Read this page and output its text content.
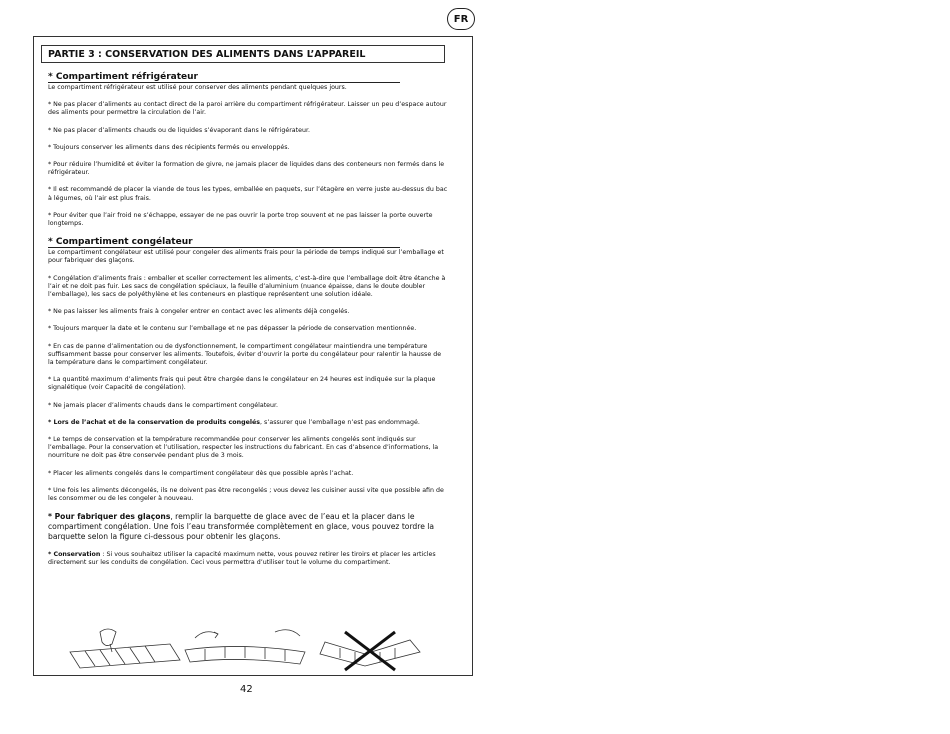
FR
PARTIE 3 : CONSERVATION DES ALIMENTS DANS L’APPAREIL
* Compartiment réfrigérateur

Le compartiment réfrigérateur est utilisé pour conserver des aliments pendant quelques jours.

* Ne pas placer d’aliments au contact direct de la paroi arrière du compartiment réfrigérateur. Laisser un peu d’espace autour des aliments pour permettre la circulation de l’air.

* Ne pas placer d’aliments chauds ou de liquides s’évaporant dans le réfrigérateur.

* Toujours conserver les aliments dans des récipients fermés ou enveloppés.

* Pour réduire l’humidité et éviter la formation de givre, ne jamais placer de liquides dans des conteneurs non fermés dans le réfrigérateur.

* Il est recommandé de placer la viande de tous les types, emballée en paquets, sur l’étagère en verre juste au-dessus du bac à légumes, où l’air est plus frais.

* Pour éviter que l’air froid ne s’échappe, essayer de ne pas ouvrir la porte trop souvent et ne pas laisser la porte ouverte longtemps.

* Compartiment congélateur

Le compartiment congélateur est utilisé pour congeler des aliments frais pour la période de temps indiqué sur l’emballage et pour fabriquer des glaçons.

* Congélation d’aliments frais : emballer et sceller correctement les aliments, c’est-à-dire que l’emballage doit être étanche à l’air et ne doit pas fuir. Les sacs de congélation spéciaux, la feuille d’aluminium (nuance épaisse, dans le doute doubler l’emballage), les sacs de polyéthylène et les conteneurs en plastique représentent une solution idéale.

* Ne pas laisser les aliments frais à congeler entrer en contact avec les aliments déjà congelés.

* Toujours marquer la date et le contenu sur l’emballage et ne pas dépasser la période de conservation mentionnée.

* En cas de panne d’alimentation ou de dysfonctionnement, le compartiment congélateur maintiendra une température suffisamment basse pour conserver les aliments. Toutefois, éviter d’ouvrir la porte du congélateur pour ralentir la hausse de la température dans le compartiment congélateur.

* La quantité maximum d’aliments frais qui peut être chargée dans le congélateur en 24 heures est indiquée sur la plaque signalétique (voir Capacité de congélation).

* Ne jamais placer d’aliments chauds dans le compartiment congélateur.

* Lors de l’achat et de la conservation de produits congelés, s’assurer que l’emballage n’est pas endommagé.

* Le temps de conservation et la température recommandée pour conserver les aliments congelés sont indiqués sur l’emballage. Pour la conservation et l’utilisation, respecter les instructions du fabricant. En cas d’absence d’informations, la nourriture ne doit pas être conservée pendant plus de 3 mois.

* Placer les aliments congelés dans le compartiment congélateur dès que possible après l’achat.

* Une fois les aliments décongelés, ils ne doivent pas être recongelés ; vous devez les cuisiner aussi vite que possible afin de les consommer ou de les congeler à nouveau.

* Pour fabriquer des glaçons, remplir la barquette de glace avec de l’eau et la placer dans le compartiment congélation. Une fois l’eau transformée complètement en glace, vous pouvez tordre la barquette selon la figure ci-dessous pour obtenir les glaçons.

* Conservation : Si vous souhaitez utiliser la capacité maximum nette, vous pouvez retirer les tiroirs et placer les articles directement sur les conduits de congélation. Ceci vous permettra d’utiliser tout le volume du compartiment.

42
